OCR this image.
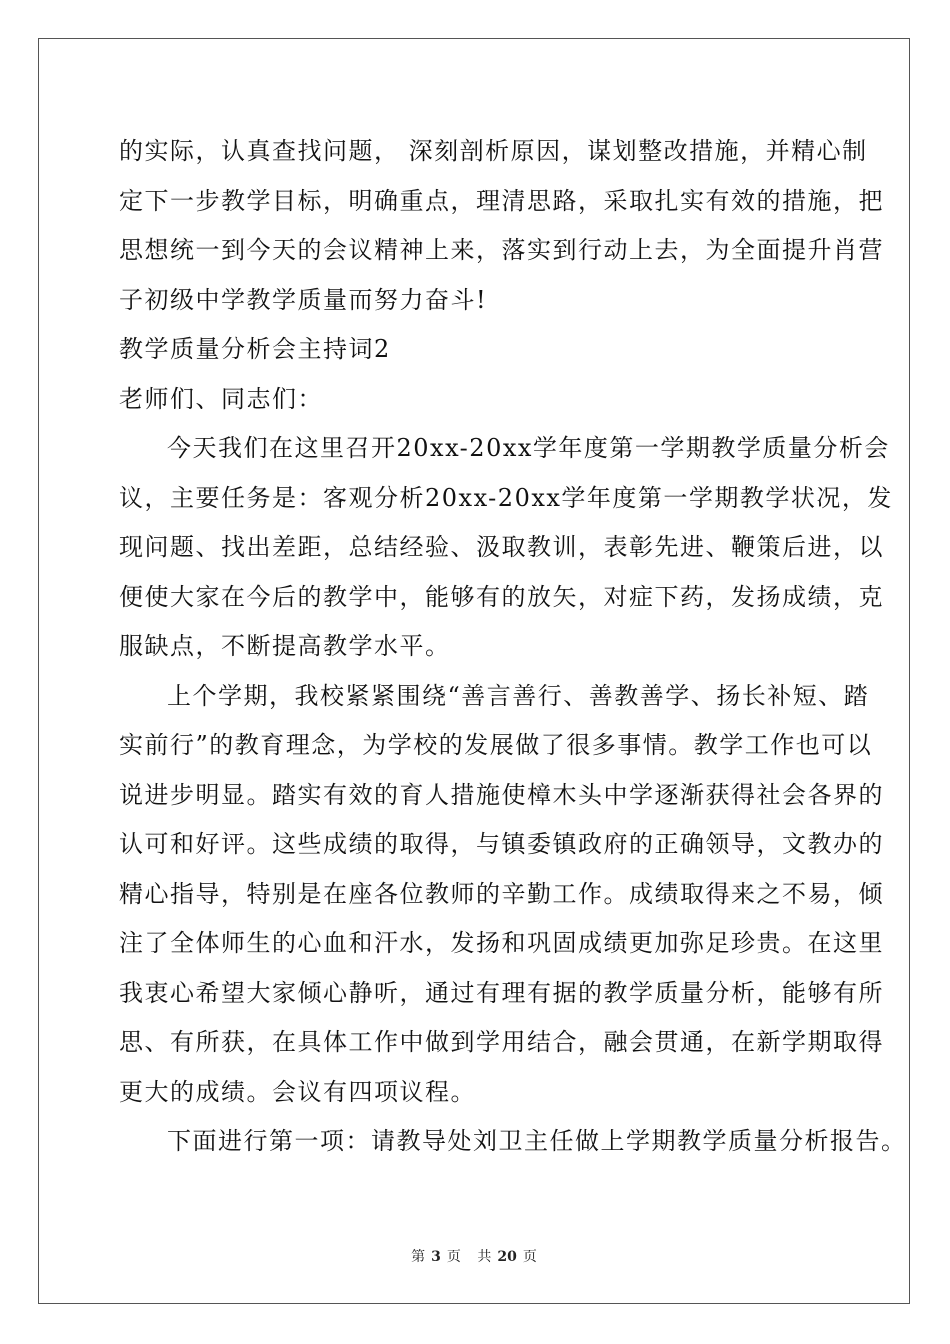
的实际，认真查找问题， 深刻剖析原因，谋划整改措施，并精心制
定下一步教学目标，明确重点，理清思路，采取扎实有效的措施，把
思想统一到今天的会议精神上来，落实到行动上去，为全面提升肖营
子初级中学教学质量而努力奋斗!
教学质量分析会主持词2
老师们、同志们：
今天我们在这里召开20xx-20xx学年度第一学期教学质量分析会
议，主要任务是：客观分析20xx-20xx学年度第一学期教学状况，发
现问题、找出差距，总结经验、汲取教训，表彰先进、鞭策后进，以
便使大家在今后的教学中，能够有的放矢，对症下药，发扬成绩，克
服缺点，不断提高教学水平。
上个学期，我校紧紧围绕“善言善行、善教善学、扬长补短、踏
实前行”的教育理念，为学校的发展做了很多事情。教学工作也可以
说进步明显。踏实有效的育人措施使樟木头中学逐渐获得社会各界的
认可和好评。这些成绩的取得，与镇委镇政府的正确领导，文教办的
精心指导，特别是在座各位教师的辛勤工作。成绩取得来之不易，倾
注了全体师生的心血和汗水，发扬和巩固成绩更加弥足珍贵。在这里
我衷心希望大家倾心静听，通过有理有据的教学质量分析，能够有所
思、有所获，在具体工作中做到学用结合，融会贯通，在新学期取得
更大的成绩。会议有四项议程。
下面进行第一项：请教导处刘卫主任做上学期教学质量分析报告。
第 3 页 共 20 页
